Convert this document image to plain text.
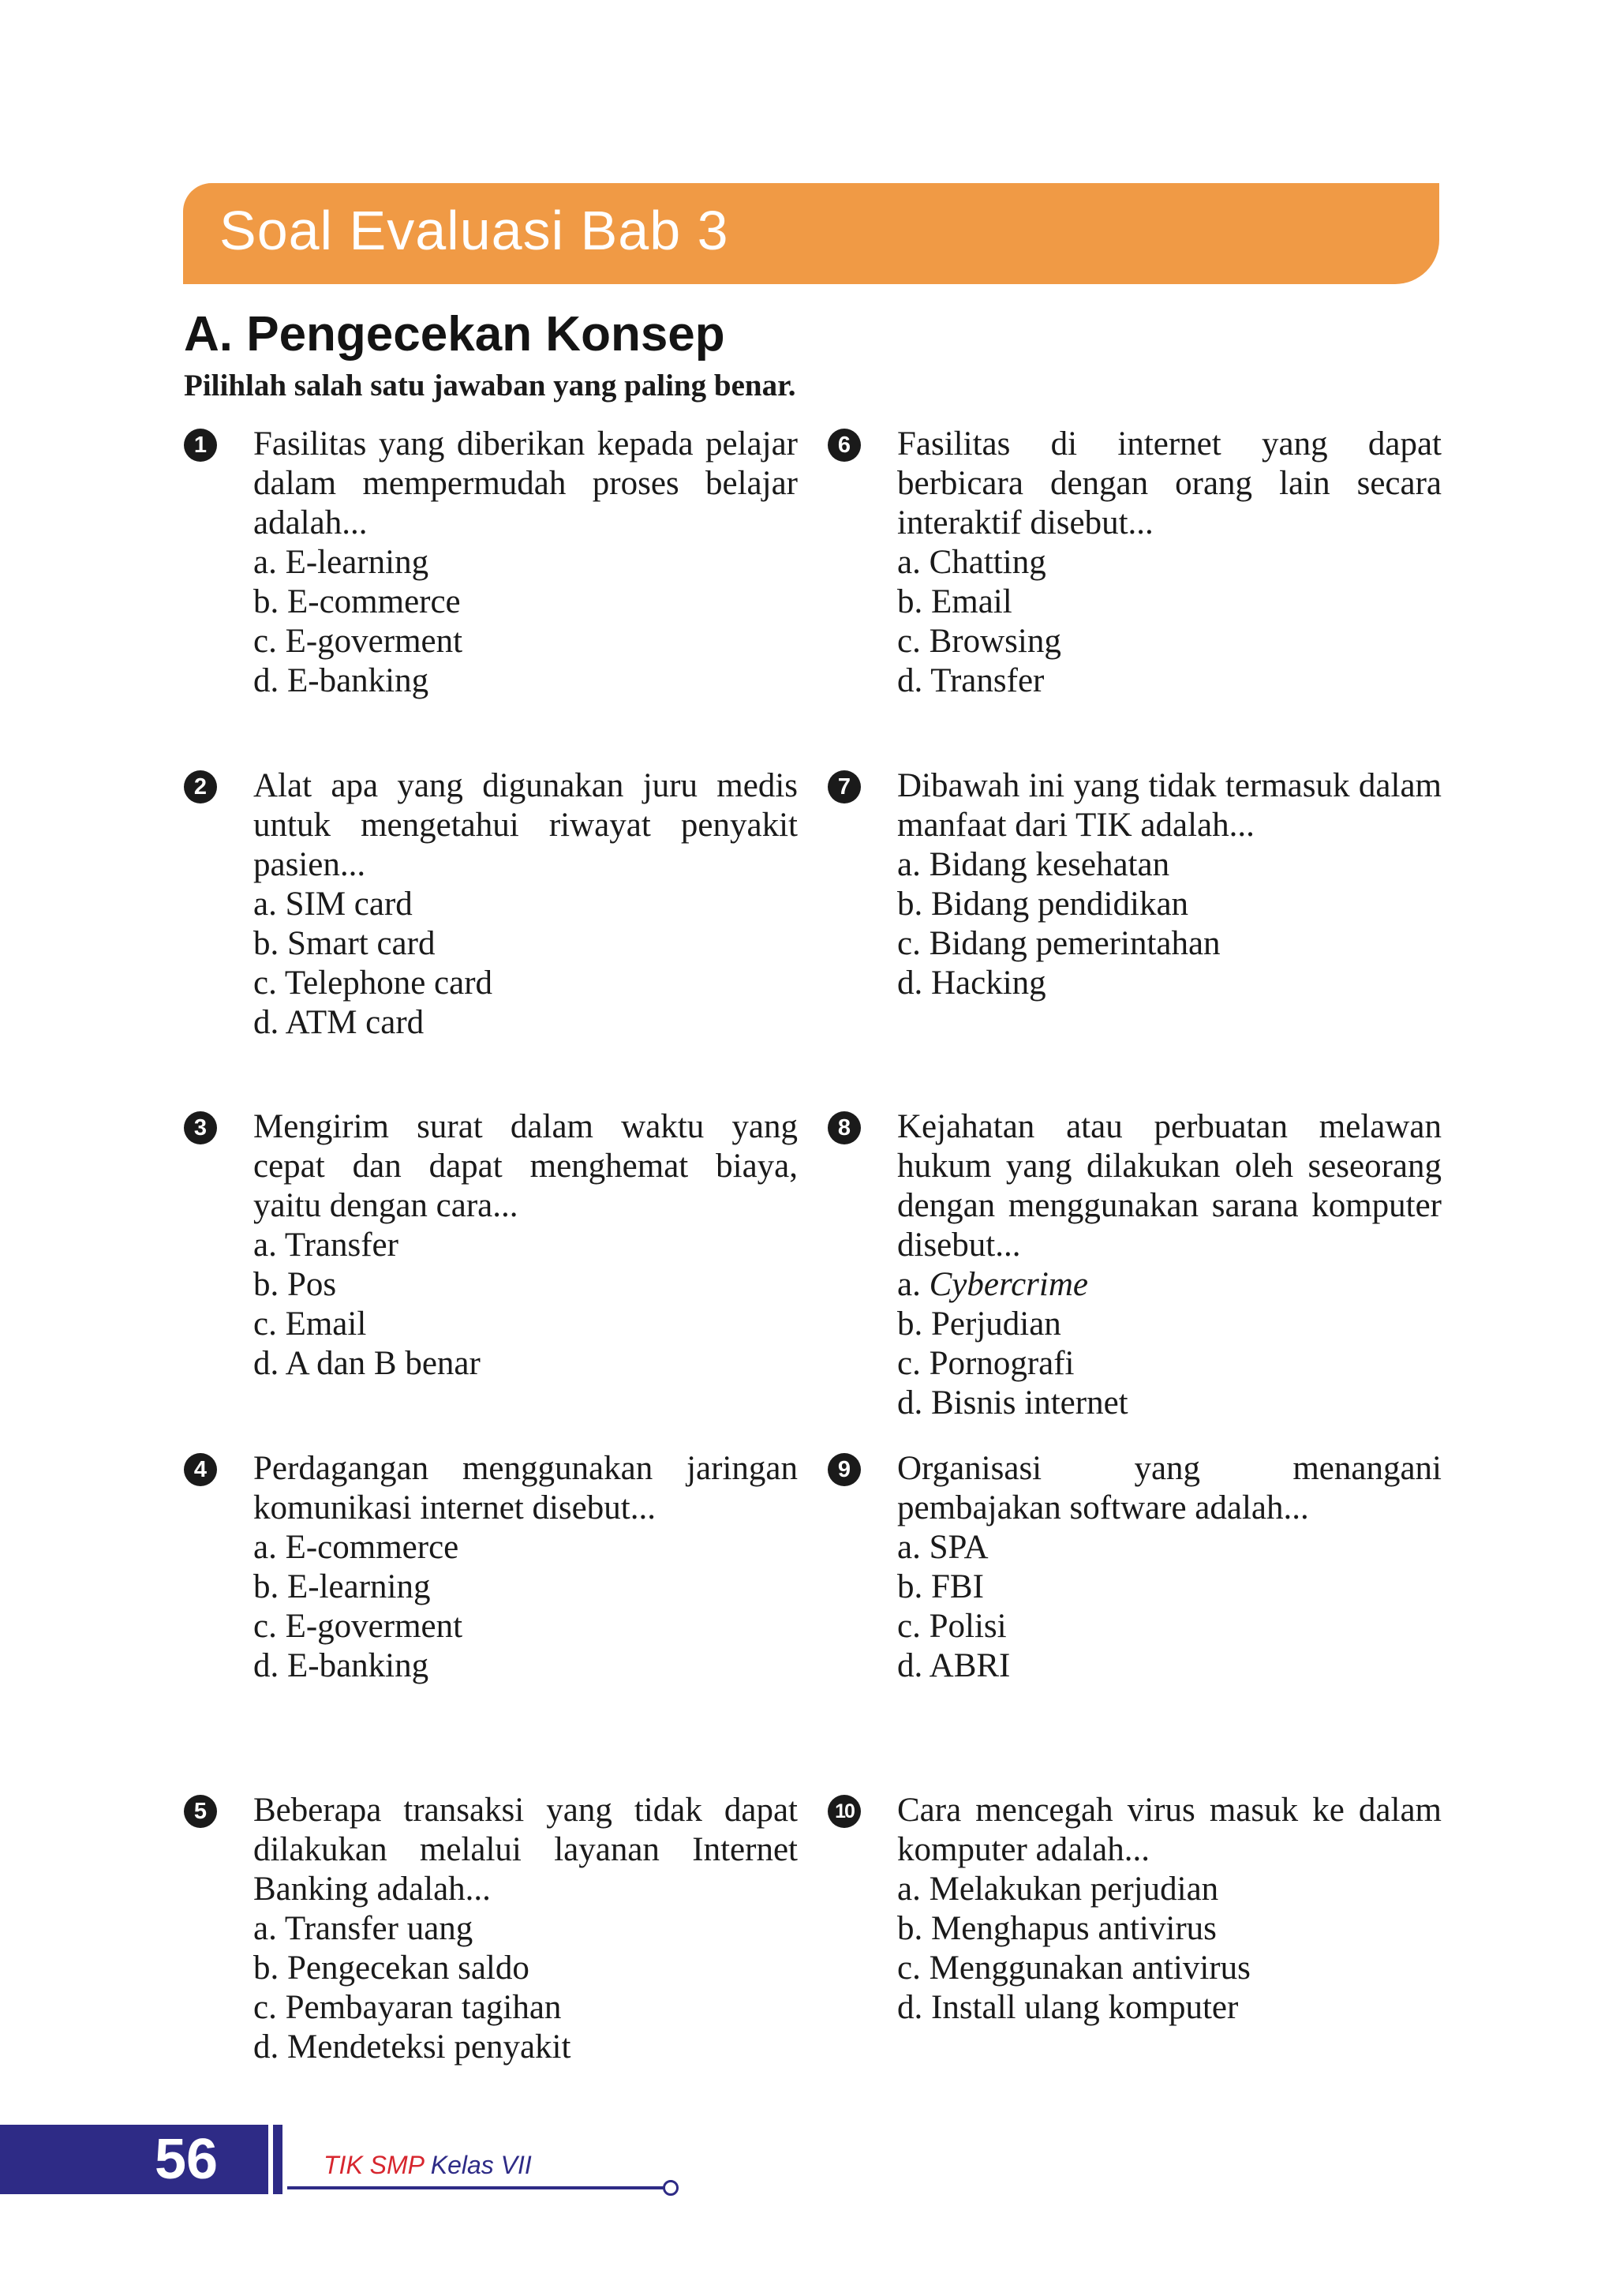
Soal Evaluasi Bab 3
A. Pengecekan Konsep
Pilihlah salah satu jawaban yang paling benar.
1	Fasilitas yang diberikan kepada pelajar dalam mempermudah proses belajar adalah...
a. E-learning
b. E-commerce
c. E-goverment
d. E-banking
2	Alat apa yang digunakan juru medis untuk mengetahui riwayat penyakit pasien...
a. SIM card
b. Smart card
c. Telephone card
d. ATM card
3	Mengirim surat dalam waktu yang cepat dan dapat menghemat biaya, yaitu dengan cara...
a. Transfer
b. Pos
c. Email
d. A dan B benar
4	Perdagangan menggunakan jaringan komunikasi internet disebut...
a. E-commerce
b. E-learning
c. E-goverment
d. E-banking
5	Beberapa transaksi yang tidak dapat dilakukan melalui layanan Internet Banking adalah...
a. Transfer uang
b. Pengecekan saldo
c. Pembayaran tagihan
d. Mendeteksi penyakit
6	Fasilitas di internet yang dapat berbicara dengan orang lain secara interaktif disebut...
a. Chatting
b. Email
c. Browsing
d. Transfer
7	Dibawah ini yang tidak termasuk dalam manfaat dari TIK adalah...
a. Bidang kesehatan
b. Bidang pendidikan
c. Bidang pemerintahan
d. Hacking
8	Kejahatan atau perbuatan melawan hukum yang dilakukan oleh seseorang dengan menggunakan sarana komputer disebut...
a. Cybercrime
b. Perjudian
c. Pornografi
d. Bisnis internet
9	Organisasi yang menangani pembajakan software adalah...
a. SPA
b. FBI
c. Polisi
d. ABRI
10 Cara mencegah virus masuk ke dalam komputer adalah...
a. Melakukan perjudian
b. Menghapus antivirus
c. Menggunakan antivirus
d. Install ulang komputer
56	TIK SMP Kelas VII
